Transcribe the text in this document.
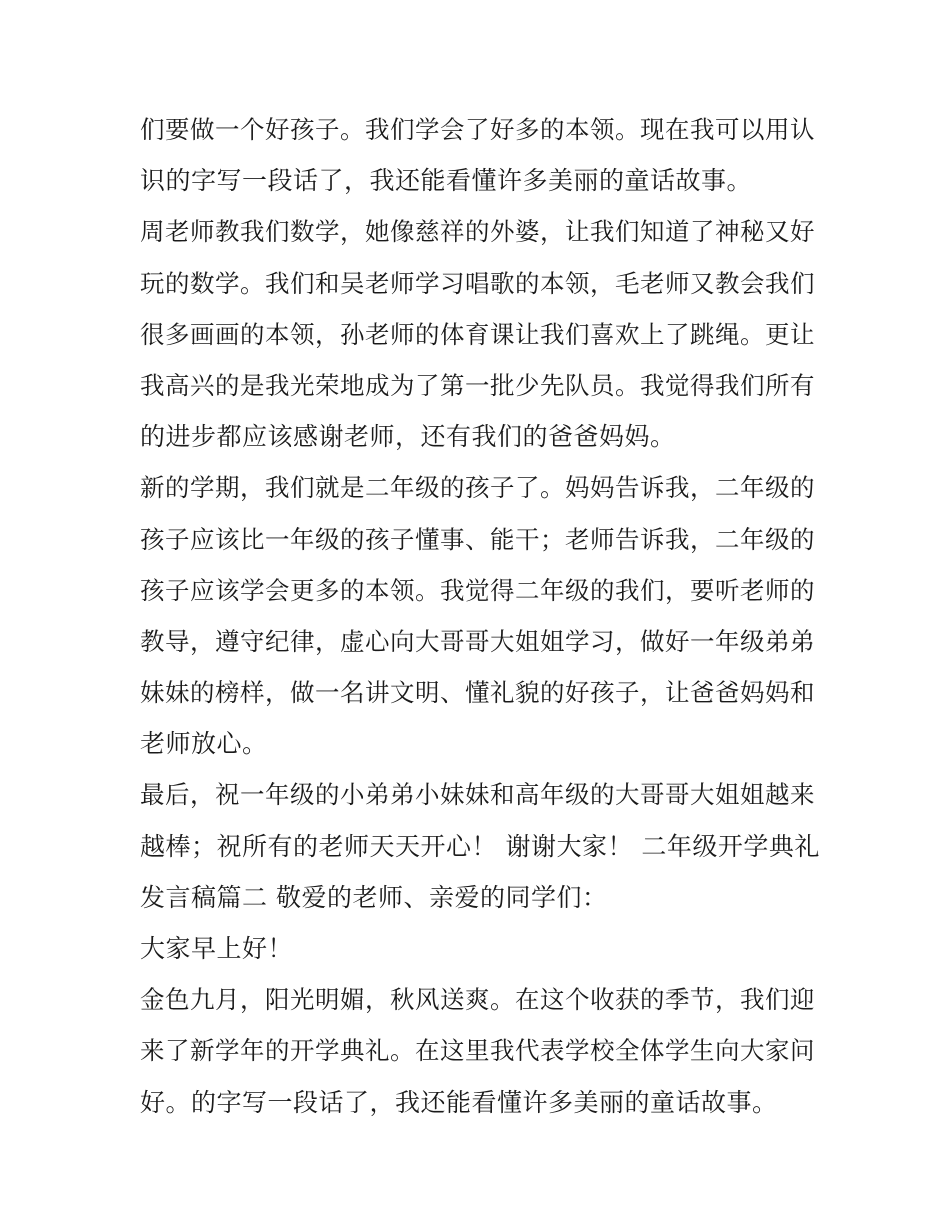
们要做一个好孩子。我们学会了好多的本领。现在我可以用认
识的字写一段话了，我还能看懂许多美丽的童话故事。
周老师教我们数学，她像慈祥的外婆，让我们知道了神秘又好
玩的数学。我们和吴老师学习唱歌的本领，毛老师又教会我们
很多画画的本领，孙老师的体育课让我们喜欢上了跳绳。更让
我高兴的是我光荣地成为了第一批少先队员。我觉得我们所有
的进步都应该感谢老师，还有我们的爸爸妈妈。
新的学期，我们就是二年级的孩子了。妈妈告诉我，二年级的
孩子应该比一年级的孩子懂事、能干；老师告诉我，二年级的
孩子应该学会更多的本领。我觉得二年级的我们，要听老师的
教导，遵守纪律，虚心向大哥哥大姐姐学习，做好一年级弟弟
妹妹的榜样，做一名讲文明、懂礼貌的好孩子，让爸爸妈妈和
老师放心。
最后，祝一年级的小弟弟小妹妹和高年级的大哥哥大姐姐越来
越棒；祝所有的老师天天开心！ 谢谢大家！ 二年级开学典礼
发言稿篇二 敬爱的老师、亲爱的同学们：
大家早上好！
金色九月，阳光明媚，秋风送爽。在这个收获的季节，我们迎
来了新学年的开学典礼。在这里我代表学校全体学生向大家问
好。的字写一段话了，我还能看懂许多美丽的童话故事。
